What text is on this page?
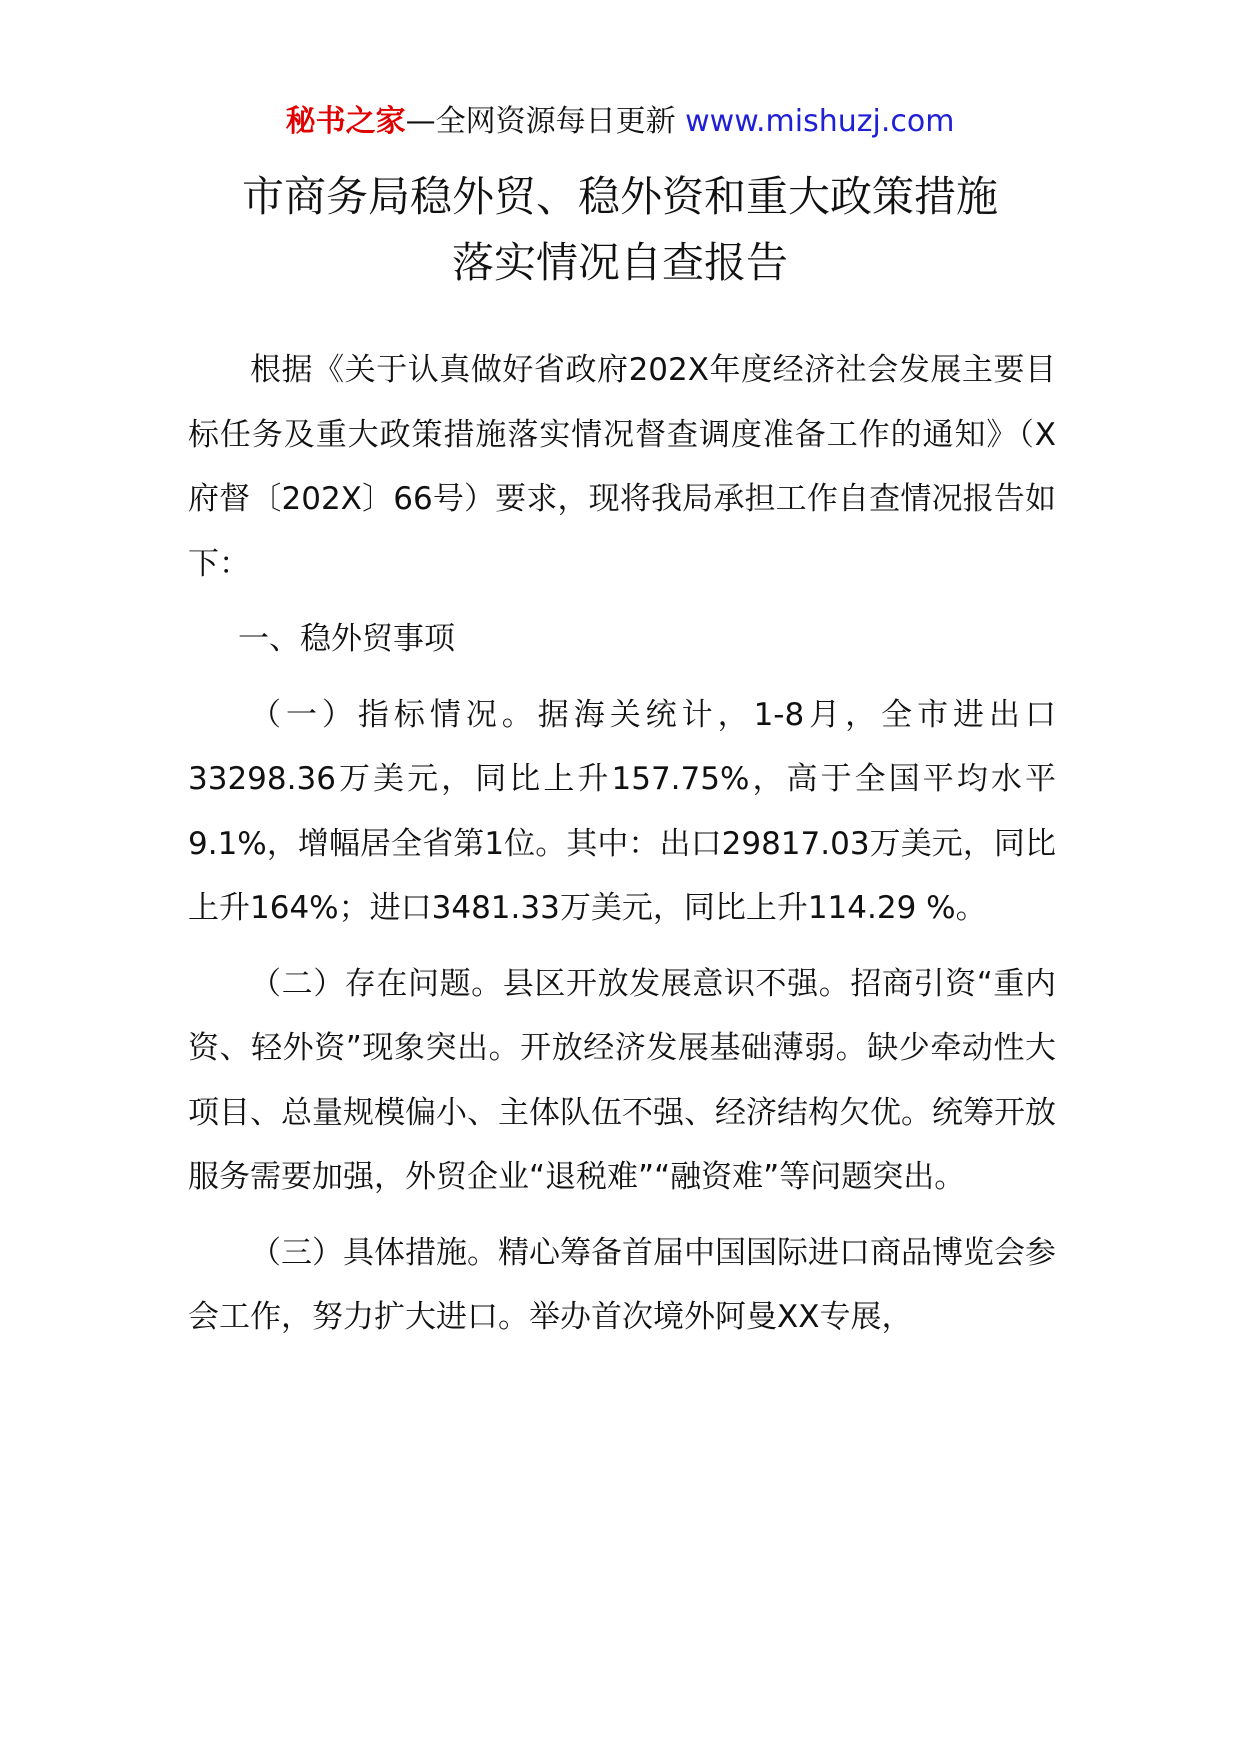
秘书之家—全网资源每日更新 www.mishuzj.com
市商务局稳外贸、稳外资和重大政策措施
落实情况自查报告

根据《关于认真做好省政府202X年度经济社会发展主要目标任务及重大政策措施落实情况督查调度准备工作的通知》（X府督〔202X〕66号）要求，现将我局承担工作自查情况报告如下：

一、稳外贸事项

（一）指标情况。据海关统计，1-8月，全市进出口33298.36万美元，同比上升157.75%，高于全国平均水平9.1%，增幅居全省第1位。其中：出口29817.03万美元，同比上升164%；进口3481.33万美元，同比上升114.29 %。

（二）存在问题。县区开放发展意识不强。招商引资“重内资、轻外资”现象突出。开放经济发展基础薄弱。缺少牵动性大项目、总量规模偏小、主体队伍不强、经济结构欠优。统筹开放服务需要加强，外贸企业“退税难”“融资难”等问题突出。

（三）具体措施。精心筹备首届中国国际进口商品博览会参会工作，努力扩大进口。举办首次境外阿曼XX专展，
